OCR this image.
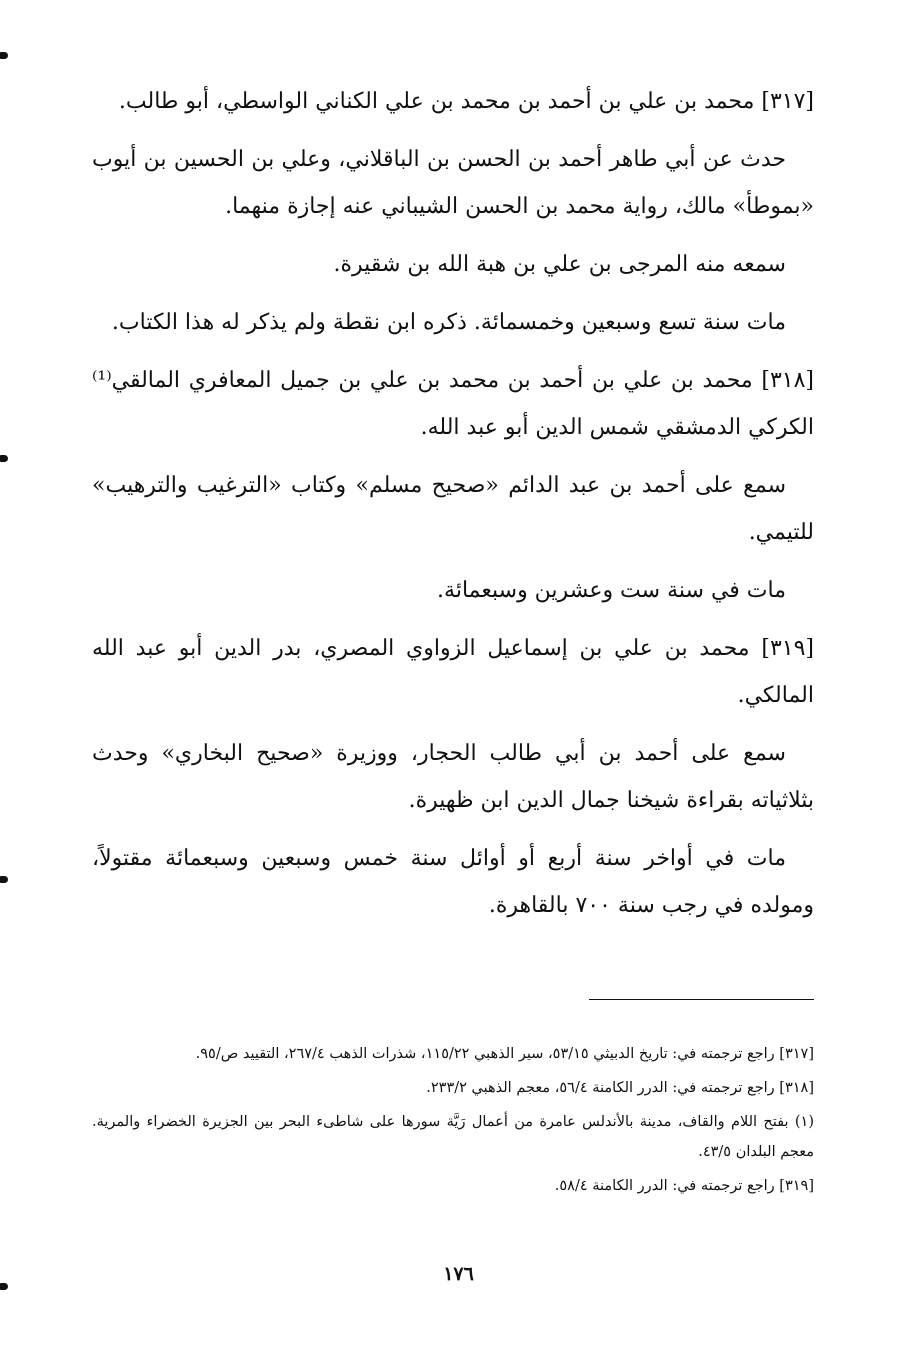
[٣١٧] محمد بن علي بن أحمد بن محمد بن علي الكناني الواسطي، أبو طالب.

حدث عن أبي طاهر أحمد بن الحسن بن الباقلاني، وعلي بن الحسين بن أيوب «بموطأ» مالك، رواية محمد بن الحسن الشيباني عنه إجازة منهما.

سمعه منه المرجى بن علي بن هبة الله بن شقيرة.

مات سنة تسع وسبعين وخمسمائة. ذكره ابن نقطة ولم يذكر له هذا الكتاب.

[٣١٨] محمد بن علي بن أحمد بن محمد بن علي بن جميل المعافري المالقي⁽¹⁾ الكركي الدمشقي شمس الدين أبو عبد الله.

سمع على أحمد بن عبد الدائم «صحيح مسلم» وكتاب «الترغيب والترهيب» للتيمي.

مات في سنة ست وعشرين وسبعمائة.

[٣١٩] محمد بن علي بن إسماعيل الزواوي المصري، بدر الدين أبو عبد الله المالكي.

سمع على أحمد بن أبي طالب الحجار، ووزيرة «صحيح البخاري» وحدث بثلاثياته بقراءة شيخنا جمال الدين ابن ظهيرة.

مات في أواخر سنة أربع أو أوائل سنة خمس وسبعين وسبعمائة مقتولاً، ومولده في رجب سنة ٧٠٠ بالقاهرة.

[٣١٧] راجع ترجمته في: تاريخ الدبيثي ٥٣/١٥، سير الذهبي ١١٥/٢٢، شذرات الذهب ٢٦٧/٤، التقييد ص/٩٥.

[٣١٨] راجع ترجمته في: الدرر الكامنة ٥٦/٤، معجم الذهبي ٢٣٣/٢.

(١) بفتح اللام والقاف، مدينة بالأندلس عامرة من أعمال رَيَّة سورها على شاطىء البحر بين الجزيرة الخضراء والمرية. معجم البلدان ٤٣/٥.

[٣١٩] راجع ترجمته في: الدرر الكامنة ٥٨/٤.

١٧٦
